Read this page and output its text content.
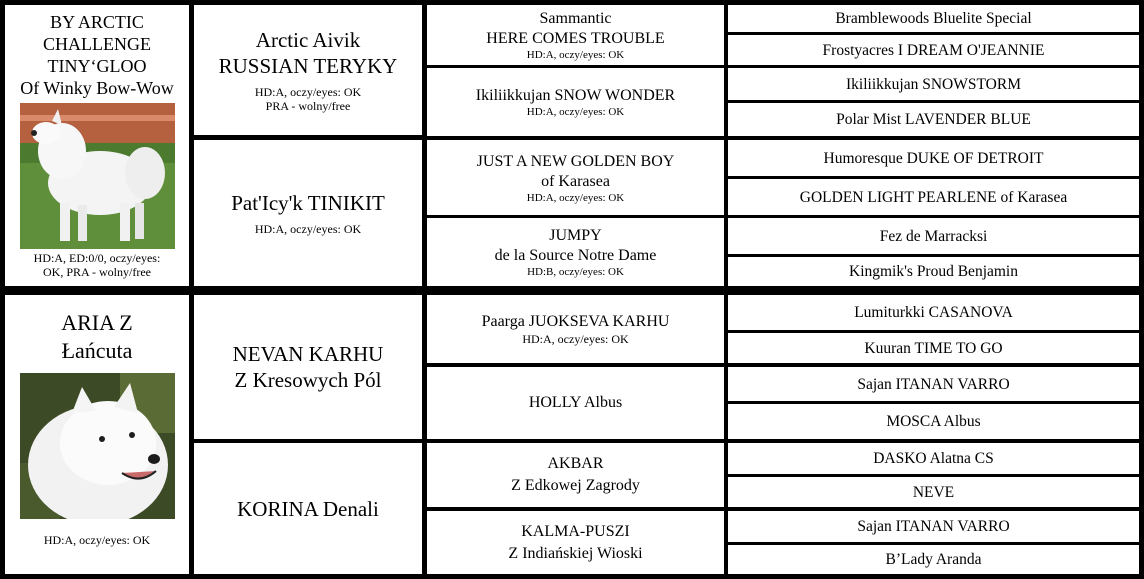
BY ARCTIC
CHALLENGE
TINY‘GLOO
Of Winky Bow-Wow
HD:A, ED:0/0, oczy/eyes:
OK, PRA - wolny/free
Arctic Aivik
RUSSIAN TERYKY
HD:A, oczy/eyes: OK
PRA - wolny/free
Pat'Icy'k TINIKIT
HD:A, oczy/eyes: OK
Sammantic
HERE COMES TROUBLE
HD:A, oczy/eyes: OK
Ikiliikkujan SNOW WONDER
HD:A, oczy/eyes: OK
JUST A NEW GOLDEN BOY
of Karasea
HD:A, oczy/eyes: OK
JUMPY
de la Source Notre Dame
HD:B, oczy/eyes: OK
Bramblewoods Bluelite Special
Frostyacres I DREAM O'JEANNIE
Ikiliikkujan SNOWSTORM
Polar Mist LAVENDER BLUE
Humoresque DUKE OF DETROIT
GOLDEN LIGHT PEARLENE of Karasea
Fez de Marracksi
Kingmik's Proud Benjamin
ARIA Z
Łańcuta
HD:A, oczy/eyes: OK
NEVAN KARHU
Z Kresowych Pól
KORINA Denali
Paarga JUOKSEVA KARHU
HD:A, oczy/eyes: OK
HOLLY Albus
AKBAR
Z Edkowej Zagrody
KALMA-PUSZI
Z Indiańskiej Wioski
Lumiturkki CASANOVA
Kuuran TIME TO GO
Sajan ITANAN VARRO
MOSCA Albus
DASKO Alatna CS
NEVE
Sajan ITANAN VARRO
B’Lady Aranda
